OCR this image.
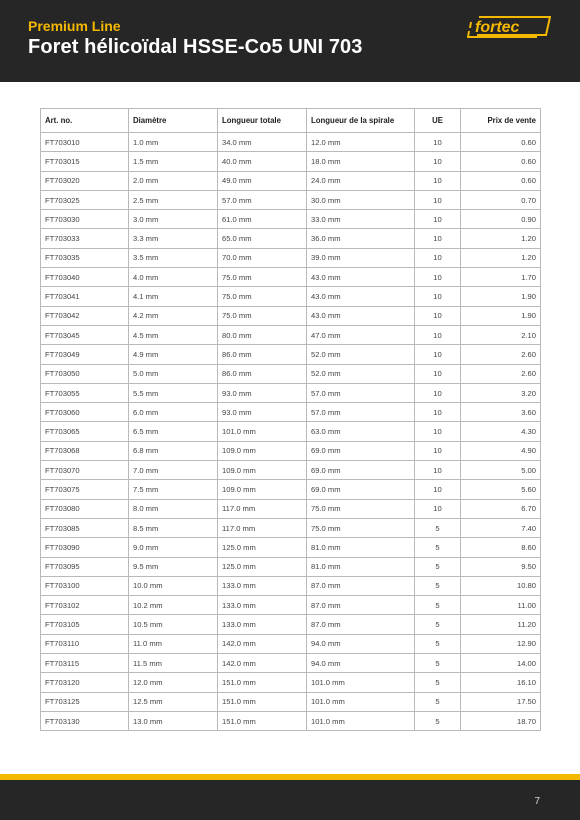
Premium Line
Foret hélicoïdal HSSE-Co5 UNI 703
fortec
Art. no.	Diamètre	Longueur totale	Longueur de la spirale	UE	Prix de vente
FT703010	1.0 mm	34.0 mm	12.0 mm	10	0.60
FT703015	1.5 mm	40.0 mm	18.0 mm	10	0.60
FT703020	2.0 mm	49.0 mm	24.0 mm	10	0.60
FT703025	2.5 mm	57.0 mm	30.0 mm	10	0.70
FT703030	3.0 mm	61.0 mm	33.0 mm	10	0.90
FT703033	3.3 mm	65.0 mm	36.0 mm	10	1.20
FT703035	3.5 mm	70.0 mm	39.0 mm	10	1.20
FT703040	4.0 mm	75.0 mm	43.0 mm	10	1.70
FT703041	4.1 mm	75.0 mm	43.0 mm	10	1.90
FT703042	4.2 mm	75.0 mm	43.0 mm	10	1.90
FT703045	4.5 mm	80.0 mm	47.0 mm	10	2.10
FT703049	4.9 mm	86.0 mm	52.0 mm	10	2.60
FT703050	5.0 mm	86.0 mm	52.0 mm	10	2.60
FT703055	5.5 mm	93.0 mm	57.0 mm	10	3.20
FT703060	6.0 mm	93.0 mm	57.0 mm	10	3.60
FT703065	6.5 mm	101.0 mm	63.0 mm	10	4.30
FT703068	6.8 mm	109.0 mm	69.0 mm	10	4.90
FT703070	7.0 mm	109.0 mm	69.0 mm	10	5.00
FT703075	7.5 mm	109.0 mm	69.0 mm	10	5.60
FT703080	8.0 mm	117.0 mm	75.0 mm	10	6.70
FT703085	8.5 mm	117.0 mm	75.0 mm	5	7.40
FT703090	9.0 mm	125.0 mm	81.0 mm	5	8.60
FT703095	9.5 mm	125.0 mm	81.0 mm	5	9.50
FT703100	10.0 mm	133.0 mm	87.0 mm	5	10.80
FT703102	10.2 mm	133.0 mm	87.0 mm	5	11.00
FT703105	10.5 mm	133.0 mm	87.0 mm	5	11.20
FT703110	11.0 mm	142.0 mm	94.0 mm	5	12.90
FT703115	11.5 mm	142.0 mm	94.0 mm	5	14.00
FT703120	12.0 mm	151.0 mm	101.0 mm	5	16.10
FT703125	12.5 mm	151.0 mm	101.0 mm	5	17.50
FT703130	13.0 mm	151.0 mm	101.0 mm	5	18.70
7
